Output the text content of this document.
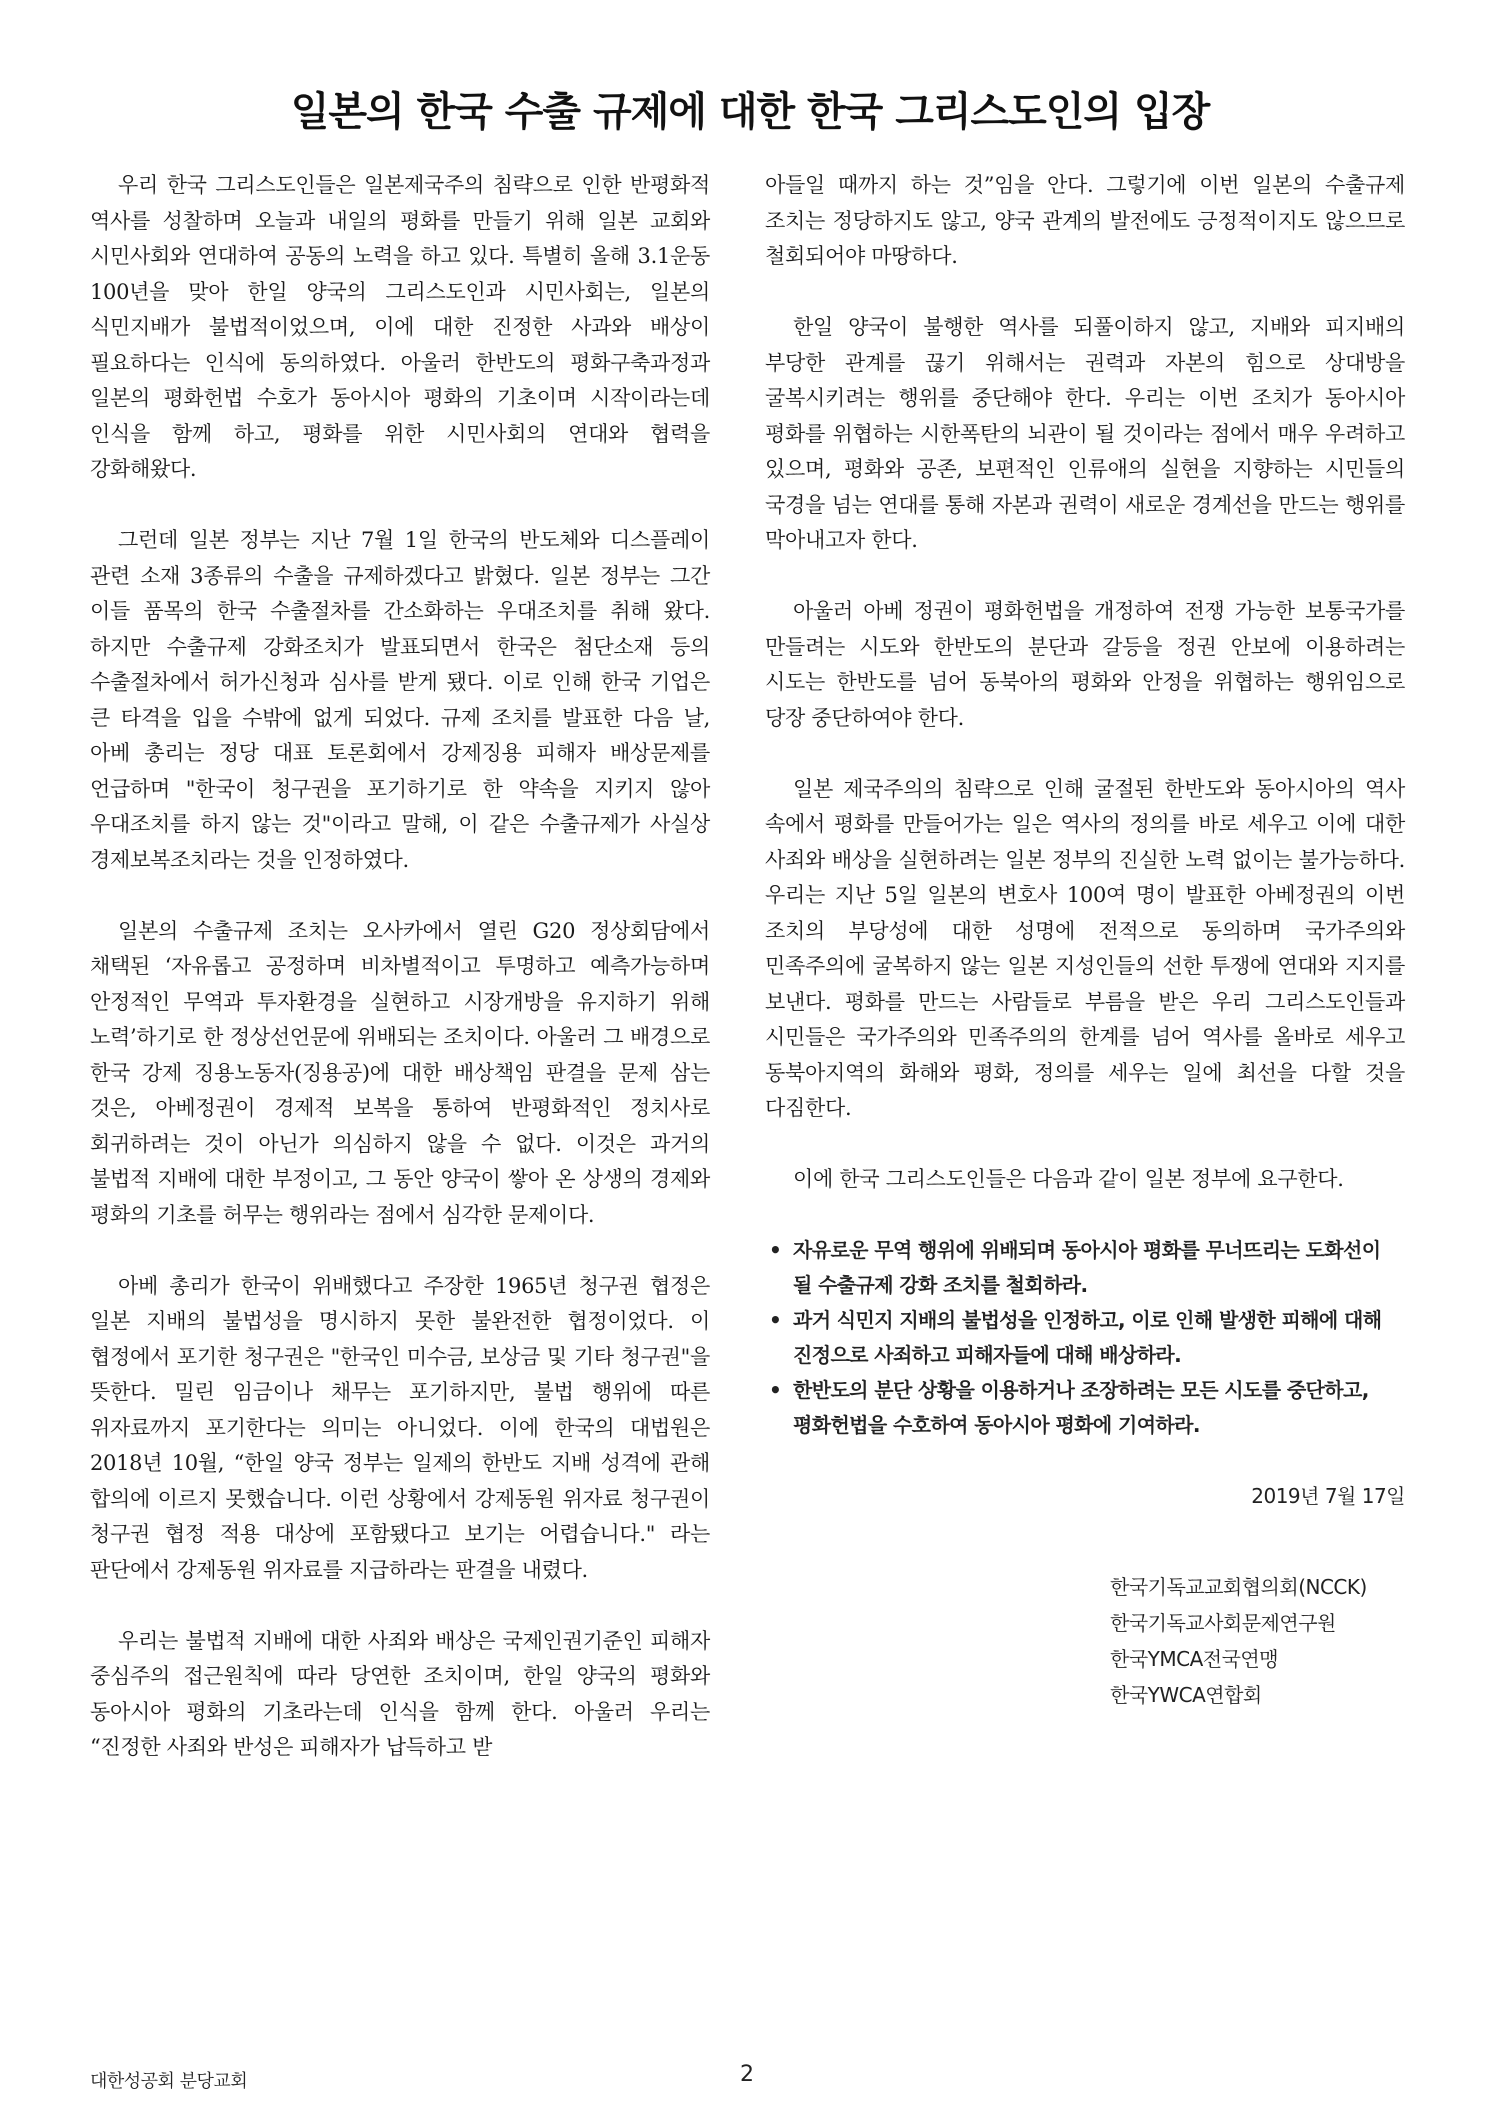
일본의 한국 수출 규제에 대한 한국 그리스도인의 입장

우리 한국 그리스도인들은 일본제국주의 침략으로 인한 반평화적 역사를 성찰하며 오늘과 내일의 평화를 만들기 위해 일본 교회와 시민사회와 연대하여 공동의 노력을 하고 있다. 특별히 올해 3.1운동 100년을 맞아 한일 양국의 그리스도인과 시민사회는, 일본의 식민지배가 불법적이었으며, 이에 대한 진정한 사과와 배상이 필요하다는 인식에 동의하였다. 아울러 한반도의 평화구축과정과 일본의 평화헌법 수호가 동아시아 평화의 기초이며 시작이라는데 인식을 함께 하고, 평화를 위한 시민사회의 연대와 협력을 강화해왔다.

그런데 일본 정부는 지난 7월 1일 한국의 반도체와 디스플레이 관련 소재 3종류의 수출을 규제하겠다고 밝혔다. 일본 정부는 그간 이들 품목의 한국 수출절차를 간소화하는 우대조치를 취해 왔다. 하지만 수출규제 강화조치가 발표되면서 한국은 첨단소재 등의 수출절차에서 허가신청과 심사를 받게 됐다. 이로 인해 한국 기업은 큰 타격을 입을 수밖에 없게 되었다. 규제 조치를 발표한 다음 날, 아베 총리는 정당 대표 토론회에서 강제징용 피해자 배상문제를 언급하며 "한국이 청구권을 포기하기로 한 약속을 지키지 않아 우대조치를 하지 않는 것"이라고 말해, 이 같은 수출규제가 사실상 경제보복조치라는 것을 인정하였다.

일본의 수출규제 조치는 오사카에서 열린 G20 정상회담에서 채택된 ‘자유롭고 공정하며 비차별적이고 투명하고 예측가능하며 안정적인 무역과 투자환경을 실현하고 시장개방을 유지하기 위해 노력’하기로 한 정상선언문에 위배되는 조치이다. 아울러 그 배경으로 한국 강제 징용노동자(징용공)에 대한 배상책임 판결을 문제 삼는 것은, 아베정권이 경제적 보복을 통하여 반평화적인 정치사로 회귀하려는 것이 아닌가 의심하지 않을 수 없다. 이것은 과거의 불법적 지배에 대한 부정이고, 그 동안 양국이 쌓아 온 상생의 경제와 평화의 기초를 허무는 행위라는 점에서 심각한 문제이다.

아베 총리가 한국이 위배했다고 주장한 1965년 청구권 협정은 일본 지배의 불법성을 명시하지 못한 불완전한 협정이었다. 이 협정에서 포기한 청구권은 "한국인 미수금, 보상금 및 기타 청구권"을 뜻한다. 밀린 임금이나 채무는 포기하지만, 불법 행위에 따른 위자료까지 포기한다는 의미는 아니었다. 이에 한국의 대법원은 2018년 10월, “한일 양국 정부는 일제의 한반도 지배 성격에 관해 합의에 이르지 못했습니다. 이런 상황에서 강제동원 위자료 청구권이 청구권 협정 적용 대상에 포함됐다고 보기는 어렵습니다." 라는 판단에서 강제동원 위자료를 지급하라는 판결을 내렸다.

우리는 불법적 지배에 대한 사죄와 배상은 국제인권기준인 피해자 중심주의 접근원칙에 따라 당연한 조치이며, 한일 양국의 평화와 동아시아 평화의 기초라는데 인식을 함께 한다. 아울러 우리는 “진정한 사죄와 반성은 피해자가 납득하고 받

아들일 때까지 하는 것”임을 안다. 그렇기에 이번 일본의 수출규제 조치는 정당하지도 않고, 양국 관계의 발전에도 긍정적이지도 않으므로 철회되어야 마땅하다.

한일 양국이 불행한 역사를 되풀이하지 않고, 지배와 피지배의 부당한 관계를 끊기 위해서는 권력과 자본의 힘으로 상대방을 굴복시키려는 행위를 중단해야 한다. 우리는 이번 조치가 동아시아 평화를 위협하는 시한폭탄의 뇌관이 될 것이라는 점에서 매우 우려하고 있으며, 평화와 공존, 보편적인 인류애의 실현을 지향하는 시민들의 국경을 넘는 연대를 통해 자본과 권력이 새로운 경계선을 만드는 행위를 막아내고자 한다.

아울러 아베 정권이 평화헌법을 개정하여 전쟁 가능한 보통국가를 만들려는 시도와 한반도의 분단과 갈등을 정권 안보에 이용하려는 시도는 한반도를 넘어 동북아의 평화와 안정을 위협하는 행위임으로 당장 중단하여야 한다.

일본 제국주의의 침략으로 인해 굴절된 한반도와 동아시아의 역사 속에서 평화를 만들어가는 일은 역사의 정의를 바로 세우고 이에 대한 사죄와 배상을 실현하려는 일본 정부의 진실한 노력 없이는 불가능하다. 우리는 지난 5일 일본의 변호사 100여 명이 발표한 아베정권의 이번 조치의 부당성에 대한 성명에 전적으로 동의하며 국가주의와 민족주의에 굴복하지 않는 일본 지성인들의 선한 투쟁에 연대와 지지를 보낸다. 평화를 만드는 사람들로 부름을 받은 우리 그리스도인들과 시민들은 국가주의와 민족주의의 한계를 넘어 역사를 올바로 세우고 동북아지역의 화해와 평화, 정의를 세우는 일에 최선을 다할 것을 다짐한다.

이에 한국 그리스도인들은 다음과 같이 일본 정부에 요구한다.

• 자유로운 무역 행위에 위배되며 동아시아 평화를 무너뜨리는 도화선이 될 수출규제 강화 조치를 철회하라.
• 과거 식민지 지배의 불법성을 인정하고, 이로 인해 발생한 피해에 대해 진정으로 사죄하고 피해자들에 대해 배상하라.
• 한반도의 분단 상황을 이용하거나 조장하려는 모든 시도를 중단하고, 평화헌법을 수호하여 동아시아 평화에 기여하라.
2019년 7월 17일
한국기독교교회협의회(NCCK)
한국기독교사회문제연구원
한국YMCA전국연맹
한국YWCA연합회
대한성공회 분당교회	2
